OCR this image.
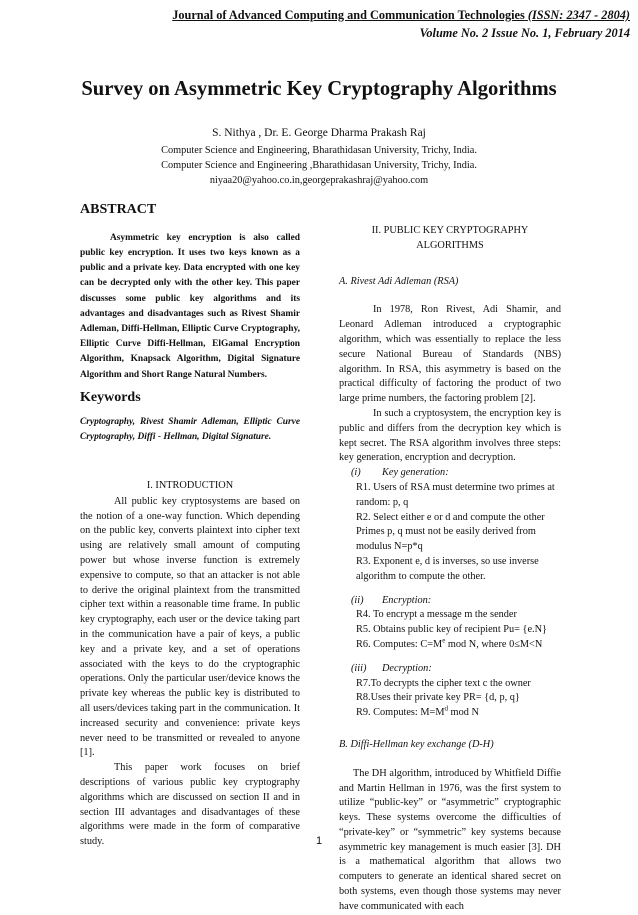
Journal of Advanced Computing and Communication Technologies (ISSN: 2347 - 2804)
Volume No. 2 Issue No. 1, February 2014
Survey on Asymmetric Key Cryptography Algorithms
S. Nithya , Dr. E. George Dharma Prakash Raj
Computer Science and Engineering, Bharathidasan University, Trichy, India.
Computer Science and Engineering ,Bharathidasan University, Trichy, India.
niyaa20@yahoo.co.in,georgeprakashraj@yahoo.com
ABSTRACT

Asymmetric key encryption is also called public key encryption. It uses two keys known as a public and a private key. Data encrypted with one key can be decrypted only with the other key. This paper discusses some public key algorithms and its advantages and disadvantages such as Rivest Shamir Adleman, Diffi-Hellman, Elliptic Curve Cryptography, Elliptic Curve Diffi-Hellman, ElGamal Encryption Algorithm, Knapsack Algorithm, Digital Signature Algorithm and Short Range Natural Numbers.

Keywords

Cryptography, Rivest Shamir Adleman, Elliptic Curve Cryptography, Diffi - Hellman, Digital Signature.

I. INTRODUCTION

All public key cryptosystems are based on the notion of a one-way function. Which depending on the public key, converts plaintext into cipher text using are relatively small amount of computing power but whose inverse function is extremely expensive to compute, so that an attacker is not able to derive the original plaintext from the transmitted cipher text within a reasonable time frame. In public key cryptography, each user or the device taking part in the communication have a pair of keys, a public key and a private key, and a set of operations associated with the keys to do the cryptographic operations. Only the particular user/device knows the private key whereas the public key is distributed to all users/devices taking part in the communication. It increased security and convenience: private keys never need to be transmitted or revealed to anyone [1].

This paper work focuses on brief descriptions of various public key cryptography algorithms which are discussed on section II and in section III advantages and disadvantages of these algorithms were made in the form of comparative study.

II. PUBLIC KEY CRYPTOGRAPHY
ALGORITHMS
A. Rivest Adi Adleman (RSA)

In 1978, Ron Rivest, Adi Shamir, and Leonard Adleman introduced a cryptographic algorithm, which was essentially to replace the less secure National Bureau of Standards (NBS) algorithm. In RSA, this asymmetry is based on the practical difficulty of factoring the product of two large prime numbers, the factoring problem [2].

In such a cryptosystem, the encryption key is public and differs from the decryption key which is kept secret. The RSA algorithm involves three steps: key generation, encryption and decryption.

(i) Key generation:
R1. Users of RSA must determine two primes at random: p, q
R2. Select either e or d and compute the other Primes p, q must not be easily derived from modulus N=p*q
R3. Exponent e, d is inverses, so use inverse algorithm to compute the other.
(ii) Encryption:
R4. To encrypt a message m the sender
R5. Obtains public key of recipient Pu= {e.N}
R6. Computes: $C=M^e$ mod N, where 0≤M<N
(iii) Decryption:
R7.To decrypts the cipher text c the owner
R8.Uses their private key PR= {d, p, q}
R9. Computes: $M=M^d$ mod N
B. Diffi-Hellman key exchange (D-H)

The DH algorithm, introduced by Whitfield Diffie and Martin Hellman in 1976, was the first system to utilize “public-key” or “asymmetric” cryptographic keys. These systems overcome the difficulties of “private-key” or “symmetric” key systems because asymmetric key management is much easier [3]. DH is a mathematical algorithm that allows two computers to generate an identical shared secret on both systems, even though those systems may never have communicated with each

1
